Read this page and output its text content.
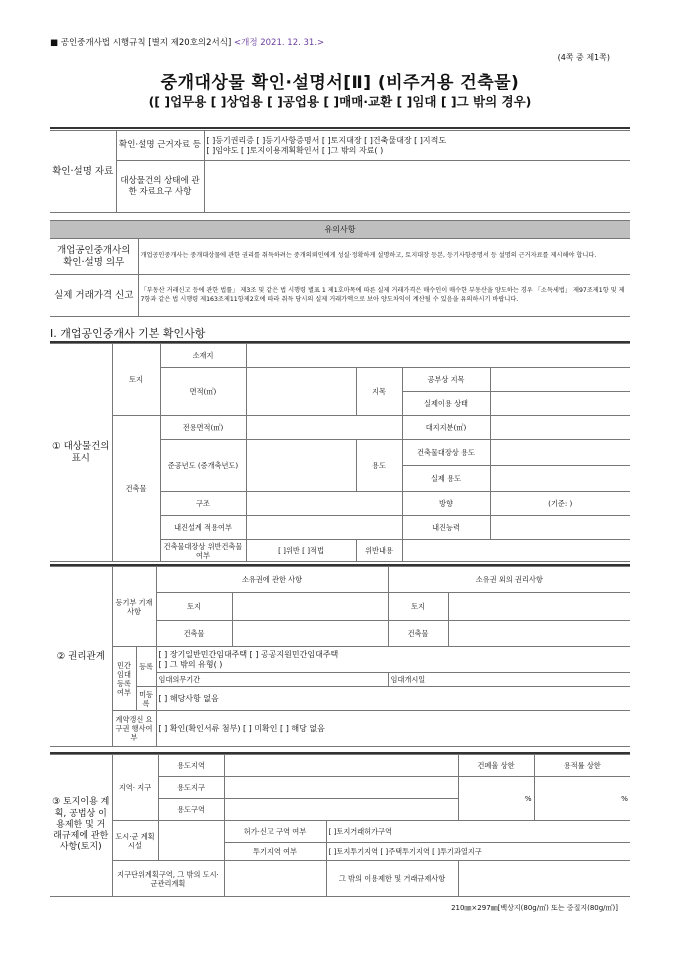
■ 공인중개사법 시행규칙 [별지 제20호의2서식] <개정 2021. 12. 31.>
(4쪽 중 제1쪽)
중개대상물 확인·설명서[Ⅱ] (비주거용 건축물)
([ ]업무용 [ ]상업용 [ ]공업용 [ ]매매·교환 [ ]임대 [ ]그 밖의 경우)
확인·설명 자료	확인·설명 근거자료 등	[ ]등기권리증 [ ]등기사항증명서 [ ]토지대장 [ ]건축물대장 [ ]지적도
[ ]임야도 [ ]토지이용계획확인서 [ ]그 밖의 자료( )

	대상물건의 상태에 관한 자료요구 사항	
유의사항	
개업공인중개사의 확인·설명 의무	개업공인중개사는 중개대상물에 관한 권리를 취득하려는 중개의뢰인에게 성실·정확하게 설명하고, 토지대장 등본, 등기사항증명서 등 설명의 근거자료를 제시해야 합니다.
실제 거래가격 신고	「부동산 거래신고 등에 관한 법률」 제3조 및 같은 법 시행령 별표 1 제1호마목에 따른 실제 거래가격은 매수인이 매수한 부동산을 양도하는 경우 「소득세법」 제97조제1항 및 제7항과 같은 법 시행령 제163조제11항제2호에 따라 취득 당시의 실제 거래가액으로 보아 양도차익이 계산될 수 있음을 유의하시기 바랍니다.
Ⅰ. 개업공인중개사 기본 확인사항
① 대상물건의 표시	토지	소재지				
		면적(㎡)		지목	공부상 지목	
					실제이용 상태	
	건축물	전용면적(㎡)			대지지분(㎡)	
		준공년도 (증개축년도)		용도	건축물대장상 용도	
					실제 용도	
		구조			방향	(기준: )
		내진설계 적용여부			내진능력	
		건축물대장상 위반건축물 여부	[ ]위반 [ ]적법	위반내용		
② 권리관계	등기부 기재사항		소유권에 관한 사항		소유권 외의 권리사항	
			토지		토지	
			건축물		건축물	
	민간 임대 등록 여부	등록	[ ] 장기일반민간임대주택 [ ] 공공지원민간임대주택
[ ] 그 밖의 유형( )			

			임대의무기간		임대개시일	
		미등록	[ ] 해당사항 없음			
	계약갱신 요구권 행사여부		[ ] 확인(확인서류 첨부) [ ] 미확인 [ ] 해당 없음			
③ 토지이용 계획, 공법상 이용제한 및 거래규제에 관한 사항(토지)	지역· 지구	용도지역			건폐율 상한	용적률 상한
		용도지구			%	%
		용도구역				
	도시·군 계획시설		허가·신고 구역 여부	[ ]토지거래허가구역		
			투기지역 여부	[ ]토지투기지역 [ ]주택투기지역 [ ]투기과열지구		
	지구단위계획구역, 그 밖의 도시·군관리계획			그 밖의 이용제한 및 거래규제사항		
210㎜×297㎜[백상지(80g/㎡) 또는 중질지(80g/㎡)]
